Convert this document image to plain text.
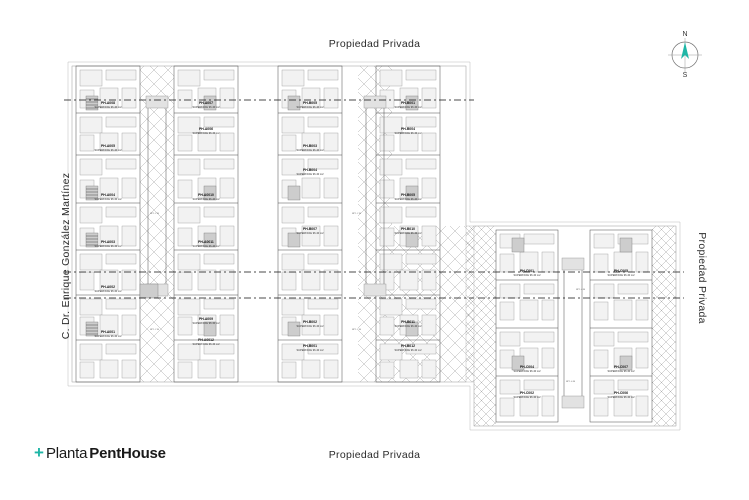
PH-A008
PH-A005
PH-A004
PH-A003
PH-A002
PH-A001
SUPERFICIE 96.40 m2
SUPERFICIE 96.40 m2
SUPERFICIE 96.40 m2
SUPERFICIE 96.40 m2
SUPERFICIE 96.40 m2
SUPERFICIE 96.40 m2
PH-A007
PH-A006
PH-A0010
PH-A0011
PH-A009
PH-A0012
SUPERFICIE 96.40 m2
SUPERFICIE 96.40 m2
SUPERFICIE 96.40 m2
SUPERFICIE 96.40 m2
SUPERFICIE 96.40 m2
SUPERFICIE 96.40 m2
PH-B005
PH-B003
PH-B004
PH-B007
PH-B002
PH-B001
SUPERFICIE 96.40 m2
SUPERFICIE 96.40 m2
SUPERFICIE 96.40 m2
SUPERFICIE 96.40 m2
SUPERFICIE 96.40 m2
SUPERFICIE 96.40 m2
PH-B001
PH-B004
PH-B005
PH-B010
PH-B011
PH-B012
SUPERFICIE 96.40 m2
SUPERFICIE 96.40 m2
SUPERFICIE 96.40 m2
SUPERFICIE 96.40 m2
SUPERFICIE 96.40 m2
SUPERFICIE 96.40 m2
PH-C001
PH-C004
PH-C002
SUPERFICIE 96.40 m2
SUPERFICIE 96.40 m2
SUPERFICIE 96.40 m2
PH-C005
PH-C007
PH-C006
SUPERFICIE 96.40 m2
SUPERFICIE 96.40 m2
SUPERFICIE 96.40 m2
NPT. -7.30	NPT. -7.30
NPT. -7.30	NPT. -7.30
NPT. -4.36
NPT. -4.36
Propiedad Privada
Propiedad Privada
C. Dr. Enrique González Martínez	Propiedad Privada
N
S
+ Planta PentHouse
